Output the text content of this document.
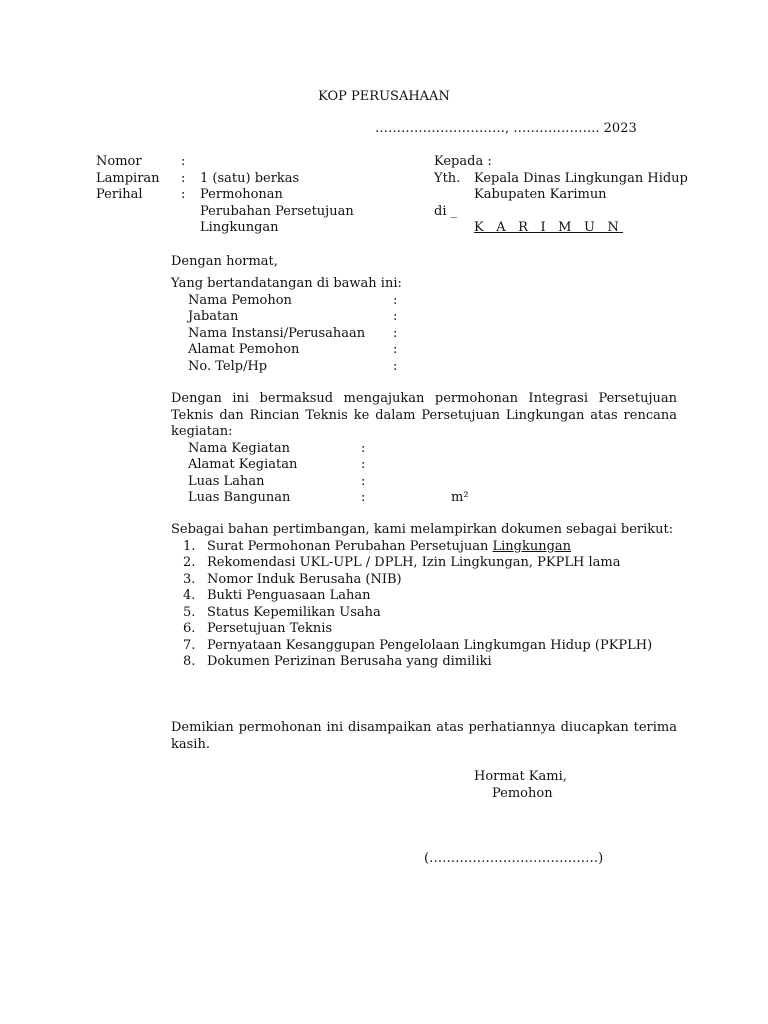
KOP PERUSAHAAN
…………………………, ……………….. 2023
Nomor	:
Lampiran : 1 (satu) berkas
Perihal	: Permohonan
Perubahan Persetujuan
Lingkungan
Kepada :
Yth. Kepala Dinas Lingkungan Hidup
Kabupaten Karimun
di _
K A R I M U N
Dengan hormat,
Yang bertandatangan di bawah ini:
Nama Pemohon	:
Jabatan	:
Nama Instansi/Perusahaan :
Alamat Pemohon	:
No. Telp/Hp	:
Dengan ini bermaksud mengajukan permohonan Integrasi Persetujuan Teknis dan Rincian Teknis ke dalam Persetujuan Lingkungan atas rencana kegiatan:
Nama Kegiatan	:
Alamat Kegiatan	:
Luas Lahan	:
Luas Bangunan	:	m²
Sebagai bahan pertimbangan, kami melampirkan dokumen sebagai berikut:
1. Surat Permohonan Perubahan Persetujuan Lingkungan
2. Rekomendasi UKL-UPL / DPLH, Izin Lingkungan, PKPLH lama
3. Nomor Induk Berusaha (NIB)
4. Bukti Penguasaan Lahan
5. Status Kepemilikan Usaha
6. Persetujuan Teknis
7. Pernyataan Kesanggupan Pengelolaan Lingkumgan Hidup (PKPLH)
8. Dokumen Perizinan Berusaha yang dimiliki
Demikian permohonan ini disampaikan atas perhatiannya diucapkan terima kasih.
Hormat Kami,
Pemohon
(…………………………………)
